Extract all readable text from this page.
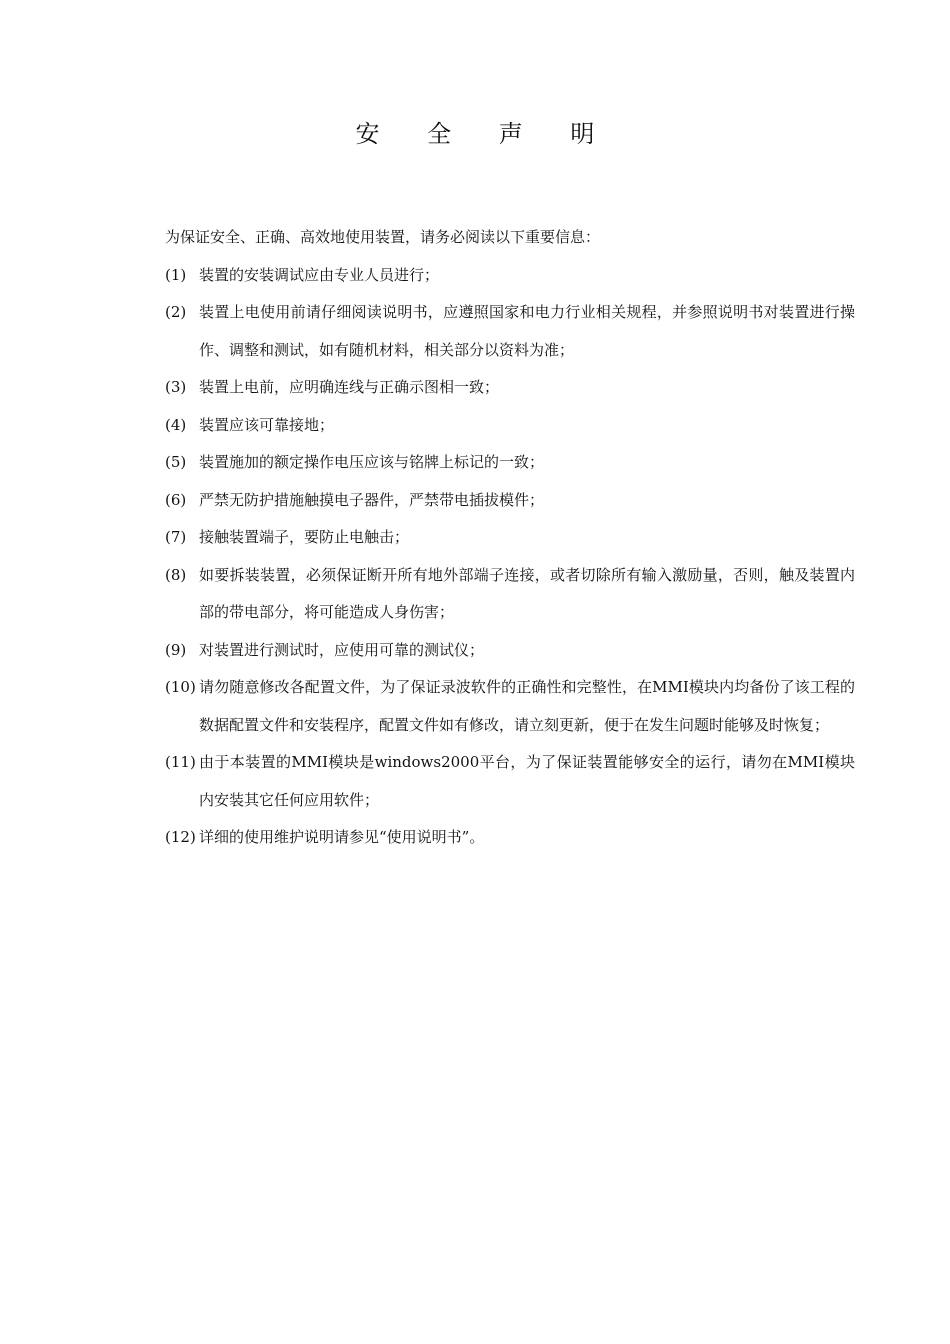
安 全 声 明

为保证安全、正确、高效地使用装置，请务必阅读以下重要信息：

(1) 装置的安装调试应由专业人员进行；
(2) 装置上电使用前请仔细阅读说明书，应遵照国家和电力行业相关规程，并参照说明书对装置进行操作、调整和测试，如有随机材料，相关部分以资料为准；
(3) 装置上电前，应明确连线与正确示图相一致；
(4) 装置应该可靠接地；
(5) 装置施加的额定操作电压应该与铭牌上标记的一致；
(6) 严禁无防护措施触摸电子器件，严禁带电插拔模件；
(7) 接触装置端子，要防止电触击；
(8) 如要拆装装置，必须保证断开所有地外部端子连接，或者切除所有输入激励量，否则，触及装置内部的带电部分，将可能造成人身伤害；
(9) 对装置进行测试时，应使用可靠的测试仪；
(10) 请勿随意修改各配置文件，为了保证录波软件的正确性和完整性，在MMI模块内均备份了该工程的数据配置文件和安装程序，配置文件如有修改，请立刻更新，便于在发生问题时能够及时恢复；
(11) 由于本装置的MMI模块是windows2000平台，为了保证装置能够安全的运行，请勿在MMI模块内安装其它任何应用软件；
(12) 详细的使用维护说明请参见“使用说明书”。
